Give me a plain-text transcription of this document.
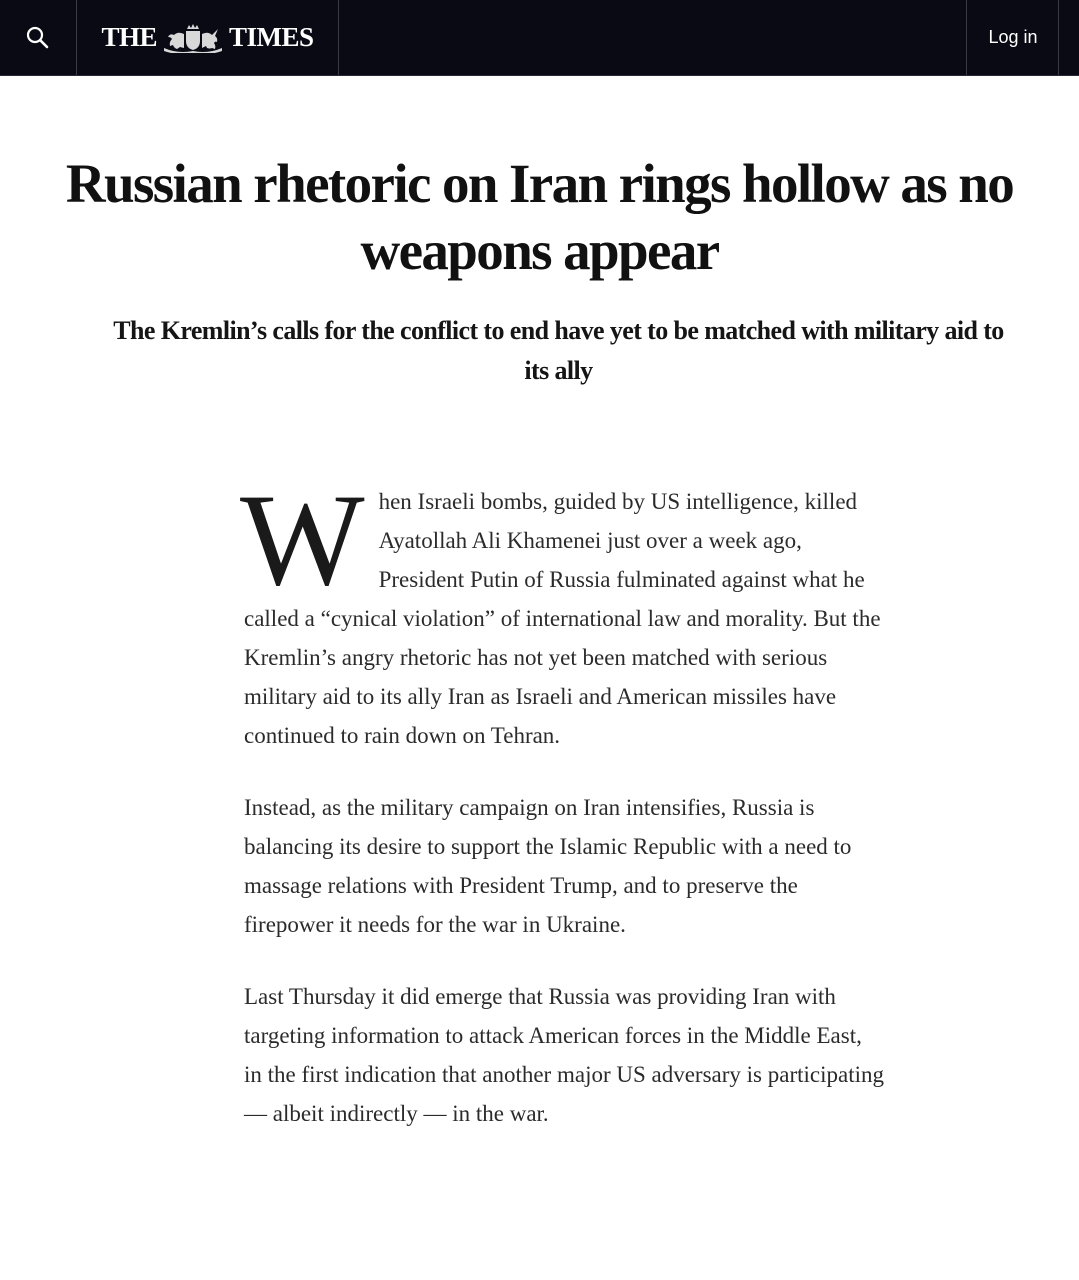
THE	TIMES	Log in
Russian rhetoric on Iran rings hollow as no weapons appear
The Kremlin’s calls for the conflict to end have yet to be matched with military aid to its ally

When Israeli bombs, guided by US intelligence, killed Ayatollah Ali Khamenei just over a week ago, President Putin of Russia fulminated against what he called a “cynical violation” of international law and morality. But the Kremlin’s angry rhetoric has not yet been matched with serious military aid to its ally Iran as Israeli and American missiles have continued to rain down on Tehran.

Instead, as the military campaign on Iran intensifies, Russia is balancing its desire to support the Islamic Republic with a need to massage relations with President Trump, and to preserve the firepower it needs for the war in Ukraine.

Last Thursday it did emerge that Russia was providing Iran with targeting information to attack American forces in the Middle East, in the first indication that another major US adversary is participating — albeit indirectly — in the war.
